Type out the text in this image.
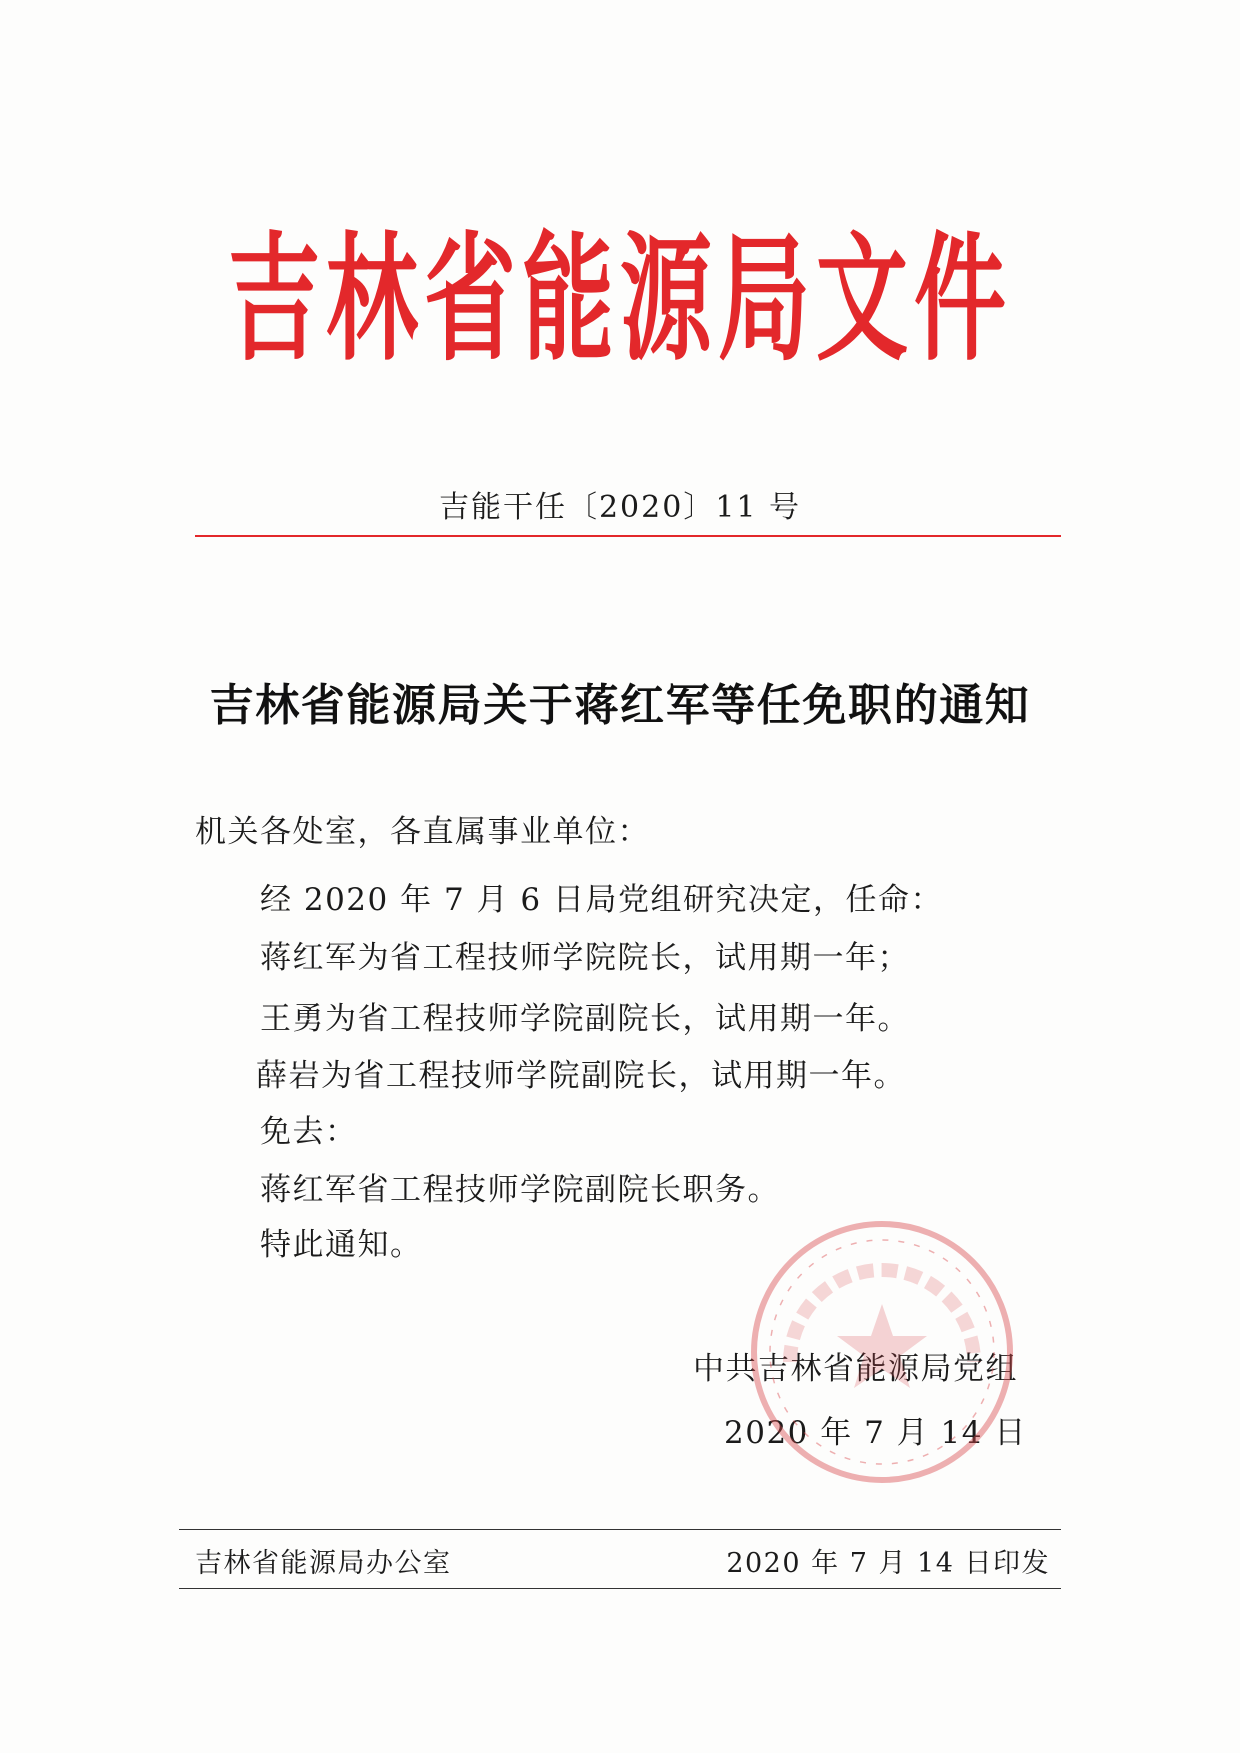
吉林省能源局文件
吉能干任〔2020〕11 号
吉林省能源局关于蒋红军等任免职的通知
机关各处室，各直属事业单位：
经 2020 年 7 月 6 日局党组研究决定，任命：
蒋红军为省工程技师学院院长，试用期一年；
王勇为省工程技师学院副院长，试用期一年。
薛岩为省工程技师学院副院长，试用期一年。
免去：
蒋红军省工程技师学院副院长职务。
特此通知。
中共吉林省能源局党组
2020 年 7 月 14 日
吉林省能源局办公室	2020 年 7 月 14 日印发
